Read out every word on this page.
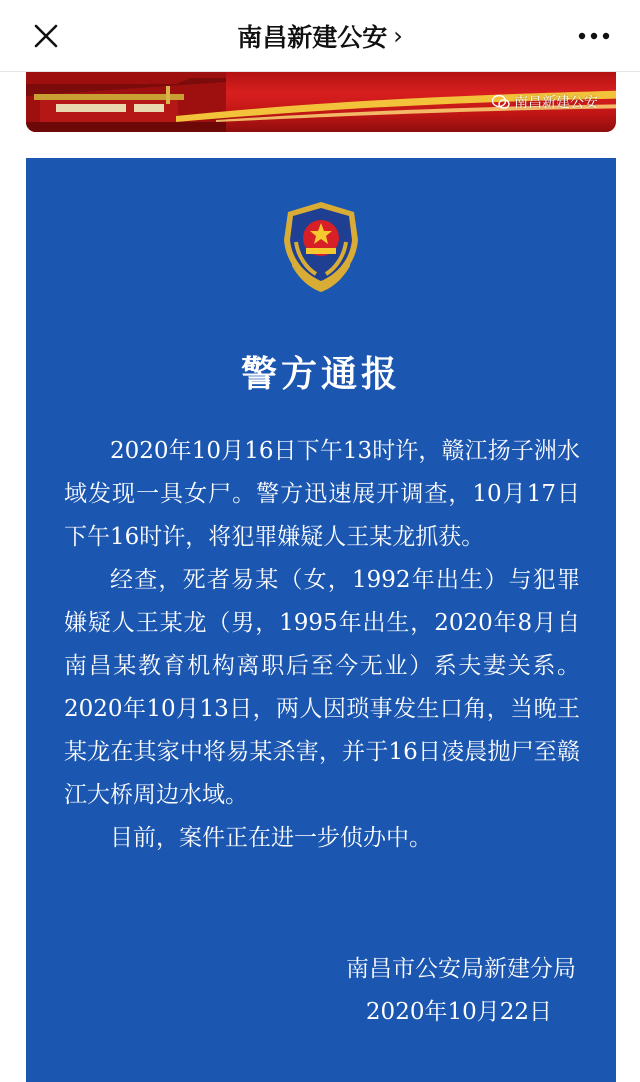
南昌新建公安 ›
南昌新建公安
警方通报

2020年10月16日下午13时许，赣江扬子洲水域发现一具女尸。警方迅速展开调查，10月17日下午16时许，将犯罪嫌疑人王某龙抓获。

经查，死者易某（女，1992年出生）与犯罪嫌疑人王某龙（男，1995年出生，2020年8月自南昌某教育机构离职后至今无业）系夫妻关系。2020年10月13日，两人因琐事发生口角，当晚王某龙在其家中将易某杀害，并于16日凌晨抛尸至赣江大桥周边水域。

目前，案件正在进一步侦办中。

南昌市公安局新建分局
2020年10月22日
